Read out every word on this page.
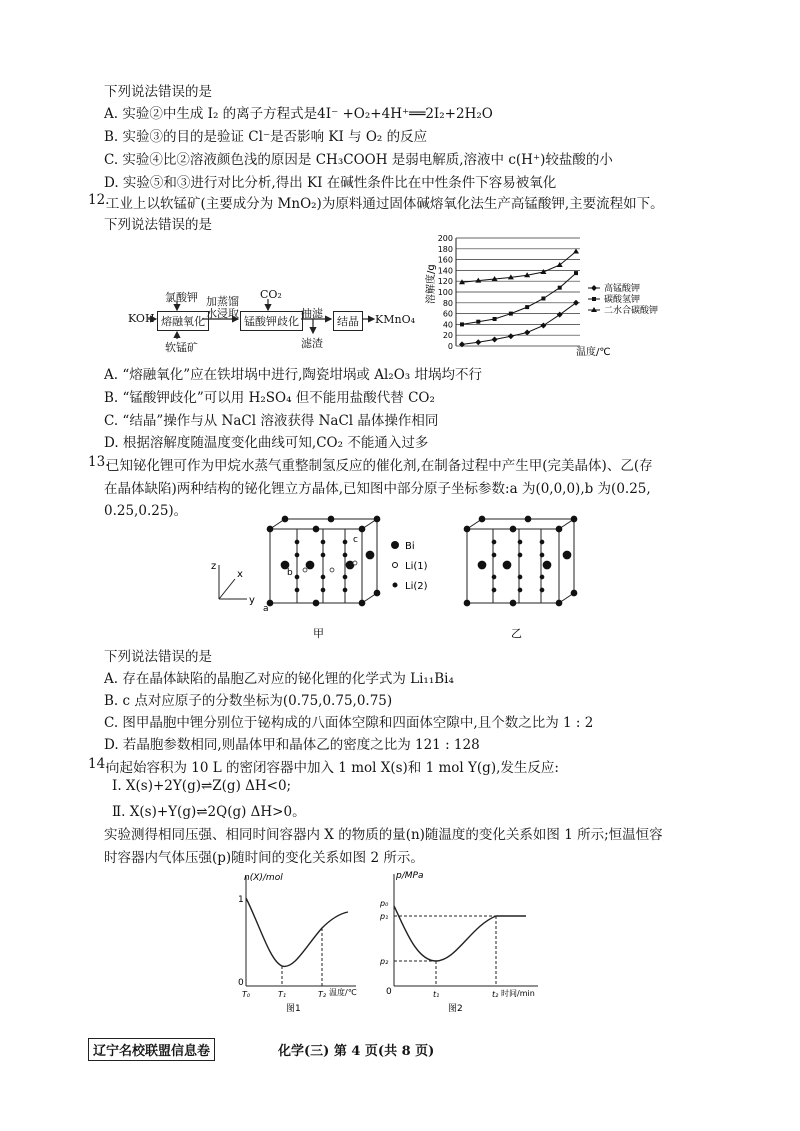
下列说法错误的是
A. 实验②中生成 I₂ 的离子方程式是4I⁻ +O₂+4H⁺══2I₂+2H₂O
B. 实验③的目的是验证 Cl⁻是否影响 KI 与 O₂ 的反应
C. 实验④比②溶液颜色浅的原因是 CH₃COOH 是弱电解质,溶液中 c(H⁺)较盐酸的小
D. 实验⑤和③进行对比分析,得出 KI 在碱性条件比在中性条件下容易被氧化
12.
工业上以软锰矿(主要成分为 MnO₂)为原料通过固体碱熔氧化法生产高锰酸钾,主要流程如下。
下列说法错误的是
KOH
氯酸钾
软锰矿
熔融氧化
加蒸馏
水浸取
CO₂
锰酸钾歧化
抽滤
滤渣
结晶	KMnO₄
溶解度/g
0
20
40
60
80
100
120
140
160
180
200
高锰酸钾
碳酸氢钾
二水合碳酸钾
温度/℃
A. “熔融氧化”应在铁坩埚中进行,陶瓷坩埚或 Al₂O₃ 坩埚均不行
B. “锰酸钾歧化”可以用 H₂SO₄ 但不能用盐酸代替 CO₂
C. “结晶”操作与从 NaCl 溶液获得 NaCl 晶体操作相同
D. 根据溶解度随温度变化曲线可知,CO₂ 不能通入过多
13.
已知铋化锂可作为甲烷水蒸气重整制氢反应的催化剂,在制备过程中产生甲(完美晶体)、乙(存
在晶体缺陷)两种结构的铋化锂立方晶体,已知图中部分原子坐标参数:a 为(0,0,0),b 为(0.25,
0.25,0.25)。
z
x
y
c
b
a
Bi
Li(1)
Li(2)
甲	乙
下列说法错误的是
A. 存在晶体缺陷的晶胞乙对应的铋化锂的化学式为 Li₁₁Bi₄
B. c 点对应原子的分数坐标为(0.75,0.75,0.75)
C. 图甲晶胞中锂分别位于铋构成的八面体空隙和四面体空隙中,且个数之比为 1 : 2
D. 若晶胞参数相同,则晶体甲和晶体乙的密度之比为 121 : 128
14.
向起始容积为 10 L 的密闭容器中加入 1 mol X(s)和 1 mol Y(g),发生反应:
Ⅰ. X(s)+2Y(g)⇌Z(g) ΔH<0;
Ⅱ. X(s)+Y(g)⇌2Q(g) ΔH>0。
实验测得相同压强、相同时间容器内 X 的物质的量(n)随温度的变化关系如图 1 所示;恒温恒容
时容器内气体压强(p)随时间的变化关系如图 2 所示。
n(X)/mol
1
0
T₀	T₁	T₂ 温度/℃
图1
p/MPa
p₀
p₁
p₂
0	t₁	t₂ 时间/min
图2
辽宁名校联盟信息卷	化学(三) 第 4 页(共 8 页)
